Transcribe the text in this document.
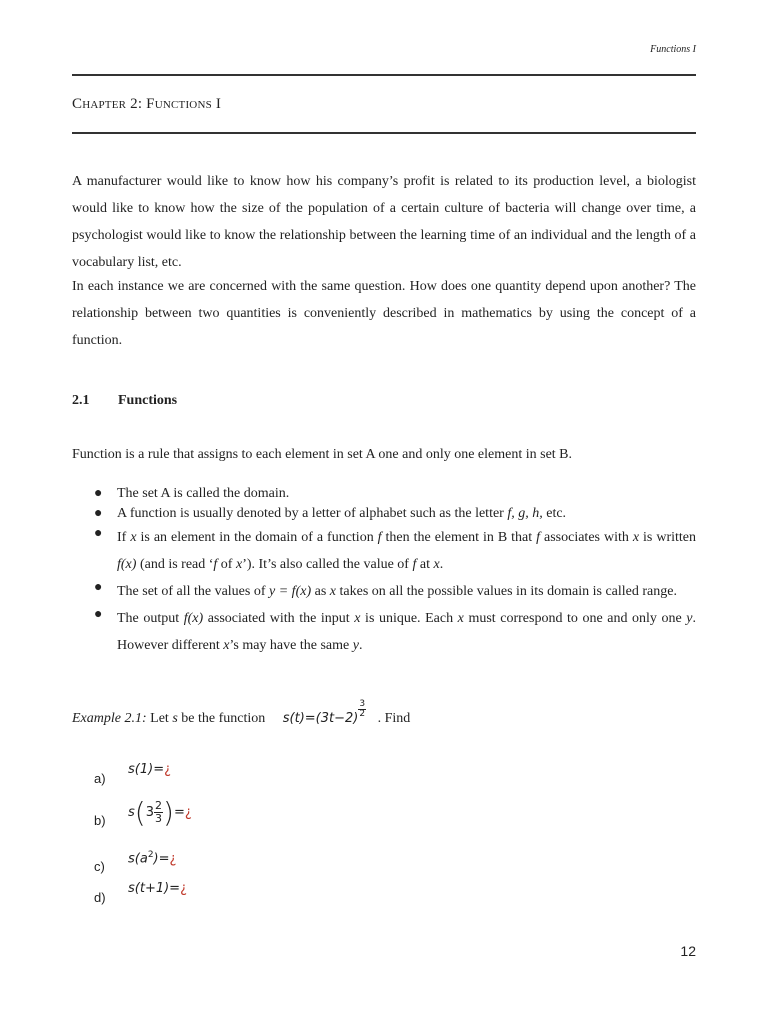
Functions I
Chapter 2: Functions I

A manufacturer would like to know how his company’s profit is related to its production level, a biologist would like to know how the size of the population of a certain culture of bacteria will change over time, a psychologist would like to know the relationship between the learning time of an individual and the length of a vocabulary list, etc.

In each instance we are concerned with the same question. How does one quantity depend upon another? The relationship between two quantities is conveniently described in mathematics by using the concept of a function.

2.1 Functions

Function is a rule that assigns to each element in set A one and only one element in set B.

● The set A is called the domain.
● A function is usually denoted by a letter of alphabet such as the letter f, g, h, etc.
● If x is an element in the domain of a function f then the element in B that f associates with x is written f(x) (and is read ‘f of x’). It’s also called the value of f at x.
● The set of all the values of y = f(x) as x takes on all the possible values in its domain is called range.
● The output f(x) associated with the input x is unique. Each x must correspond to one and only one y. However different x’s may have the same y.
Example 2.1: Let s be the function s(t)=(3t−2) $^{\frac{3}{2}}$ . Find
a)
s(1)=¿
b)
$s(3 \frac{2}{3}$ )=¿
c)
$s(a^2)=¿$
d)
s(t+1)=¿
12
